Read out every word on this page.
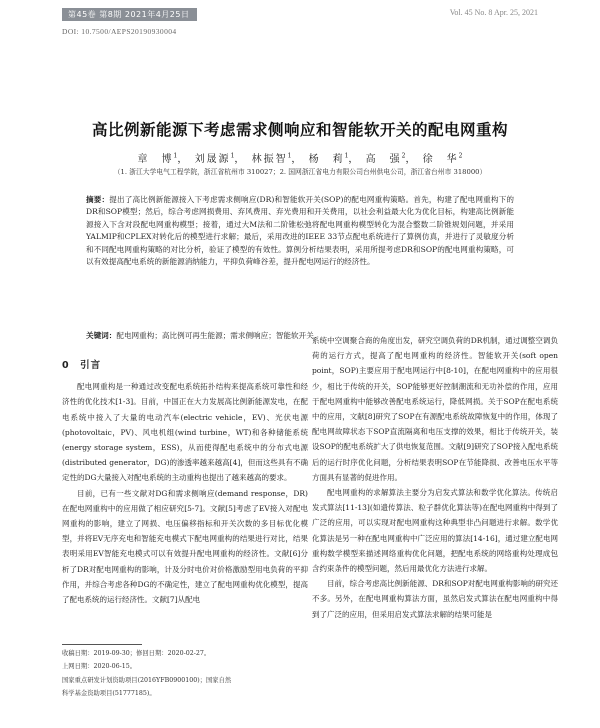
第45卷 第8期 2021年4月25日	Vol. 45 No. 8 Apr. 25, 2021
DOI: 10.7500/AEPS20190930004
高比例新能源下考虑需求侧响应和智能软开关的配电网重构
章　博$^1$， 刘晟源$^1$， 林振智$^1$， 杨　莉$^1$， 高　强$^2$， 徐　华$^2$
（1. 浙江大学电气工程学院，浙江省杭州市 310027；2. 国网浙江省电力有限公司台州供电公司，浙江省台州市 318000）
摘要：提出了高比例新能源接入下考虑需求侧响应(DR)和智能软开关(SOP)的配电网重构策略。首先，构建了配电网重构下的DR和SOP模型；然后，综合考虑网损费用、弃风费用、弃光费用和开关费用，以社会利益最大化为优化目标，构建高比例新能源接入下含对段配电网重构模型；接着，通过大M法和二阶锥松弛将配电网重构模型转化为混合整数二阶锥规划问题，并采用YALMIP和CPLEX对转化后的模型进行求解；最后，采用改进的IEEE 33节点配电系统进行了算例仿真，并进行了灵敏度分析和不同配电网重构策略的对比分析，验证了模型的有效性。算例分析结果表明，采用所提考虑DR和SOP的配电网重构策略，可以有效提高配电系统的新能源消纳能力，平抑负荷峰谷差，提升配电网运行的经济性。
关键词：配电网重构；高比例可再生能源；需求侧响应；智能软开关
0　引言

配电网重构是一种通过改变配电系统拓扑结构来提高系统可靠性和经济性的优化技术[1-3]。目前，中国正在大力发展高比例新能源发电，在配电系统中接入了大量的电动汽车(electric vehicle，EV)、光伏电源(photovoltaic，PV)、风电机组(wind turbine，WT)和各种储能系统(energy storage system，ESS)，从而使得配电系统中的分布式电源(distributed generator，DG)的渗透率越来越高[4]，但而这些具有不确定性的DG大量接入对配电系统的主动重构也提出了越来越高的要求。

目前，已有一些文献对DG和需求侧响应(demand response，DR)在配电网重构中的应用做了相应研究[5-7]。文献[5]考虑了EV接入对配电网重构的影响，建立了网损、电压偏移指标和开关次数的多目标优化模型，并将EV无序充电和智能充电模式下配电网重构的结果进行对比，结果表明采用EV智能充电模式可以有效提升配电网重构的经济性。文献[6]分析了DR对配电网重构的影响，计及分时电价对价格激励型用电负荷的平抑作用，并综合考虑各种DG的不确定性，建立了配电网重构优化模型，提高了配电系统的运行经济性。文献[7]从配电

系统中空调聚合商的角度出发，研究空调负荷的DR机制，通过调整空调负荷的运行方式，提高了配电网重构的经济性。智能软开关(soft open point，SOP)主要应用于配电网运行中[8-10]，在配电网重构中的应用很少，相比于传统的开关，SOP能够更好控制潮流和无功补偿的作用，应用于配电网重构中能够改善配电系统运行，降低网损。关于SOP在配电系统中的应用，文献[8]研究了SOP在有源配电系统故障恢复中的作用，体现了配电网故障状态下SOP直流隔离和电压支撑的效果，相比于传统开关，装设SOP的配电系统扩大了供电恢复范围。文献[9]研究了SOP接入配电系统后的运行时序优化问题，分析结果表明SOP在节能降损、改善电压水平等方面具有显著的促进作用。

配电网重构的求解算法主要分为启发式算法和数学优化算法。传统启发式算法[11-13](如遗传算法、粒子群优化算法等)在配电网重构中得到了广泛的应用，可以实现对配电网重构这种典型非凸问题进行求解。数学优化算法是另一种在配电网重构中广泛应用的算法[14-16]，通过建立配电网重构数学模型来描述网络重构优化问题，把配电系统的网络重构处理成包含约束条件的模型问题，然后用最优化方法进行求解。

目前，综合考虑高比例新能源、DR和SOP对配电网重构影响的研究还不多。另外，在配电网重构算法方面，虽然启发式算法在配电网重构中得到了广泛的应用，但采用启发式算法求解的结果可能是

收稿日期：2019-09-30；修回日期：2020-02-27。
上网日期：2020-06-15。
国家重点研发计划资助项目(2016YFB0900100)；国家自然
科学基金资助项目(51777185)。
